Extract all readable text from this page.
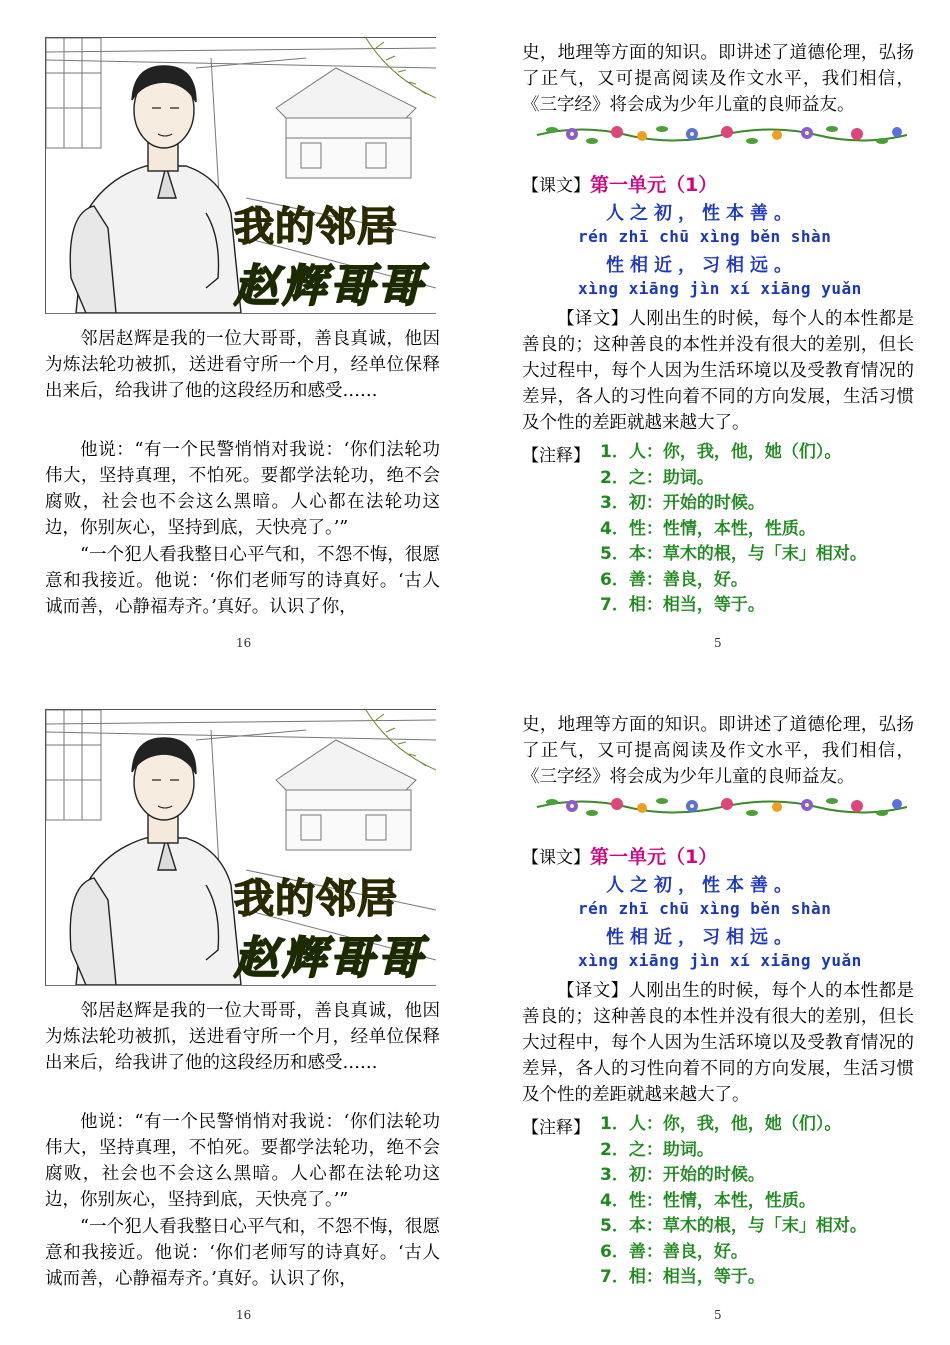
我的邻居
赵辉哥哥

邻居赵辉是我的一位大哥哥，善良真诚，他因为炼法轮功被抓，送进看守所一个月，经单位保释出来后，给我讲了他的这段经历和感受……

他说：“有一个民警悄悄对我说：‘你们法轮功伟大，坚持真理，不怕死。要都学法轮功，绝不会腐败，社会也不会这么黑暗。人心都在法轮功这边，你别灰心，坚持到底，天快亮了。’”

“一个犯人看我整日心平气和，不怨不悔，很愿意和我接近。他说：‘你们老师写的诗真好。‘古人诚而善，心静福寿齐。’真好。认识了你，

16

史，地理等方面的知识。即讲述了道德伦理，弘扬了正气，又可提高阅读及作文水平，我们相信，《三字经》将会成为少年儿童的良师益友。

【课文】第一单元（1）
人之初，性本善。
rén zhī chū xìng běn shàn
性相近，习相远。
xìng xiāng jìn xí xiāng yuǎn

【译文】人刚出生的时候，每个人的本性都是善良的；这种善良的本性并没有很大的差别，但长大过程中，每个人因为生活环境以及受教育情况的差异，各人的习性向着不同的方向发展，生活习惯及个性的差距就越来越大了。

【注释】 1．人：你，我，他，她（们）。
2．之：助词。
3．初：开始的时候。
4．性：性情，本性，性质。
5．本：草木的根，与「末」相对。
6．善：善良，好。
7．相：相当，等于。
5
我的邻居
赵辉哥哥

邻居赵辉是我的一位大哥哥，善良真诚，他因为炼法轮功被抓，送进看守所一个月，经单位保释出来后，给我讲了他的这段经历和感受……

他说：“有一个民警悄悄对我说：‘你们法轮功伟大，坚持真理，不怕死。要都学法轮功，绝不会腐败，社会也不会这么黑暗。人心都在法轮功这边，你别灰心，坚持到底，天快亮了。’”

“一个犯人看我整日心平气和，不怨不悔，很愿意和我接近。他说：‘你们老师写的诗真好。‘古人诚而善，心静福寿齐。’真好。认识了你，

16

史，地理等方面的知识。即讲述了道德伦理，弘扬了正气，又可提高阅读及作文水平，我们相信，《三字经》将会成为少年儿童的良师益友。

【课文】第一单元（1）
人之初，性本善。
rén zhī chū xìng běn shàn
性相近，习相远。
xìng xiāng jìn xí xiāng yuǎn

【译文】人刚出生的时候，每个人的本性都是善良的；这种善良的本性并没有很大的差别，但长大过程中，每个人因为生活环境以及受教育情况的差异，各人的习性向着不同的方向发展，生活习惯及个性的差距就越来越大了。

【注释】 1．人：你，我，他，她（们）。
2．之：助词。
3．初：开始的时候。
4．性：性情，本性，性质。
5．本：草木的根，与「末」相对。
6．善：善良，好。
7．相：相当，等于。
5
